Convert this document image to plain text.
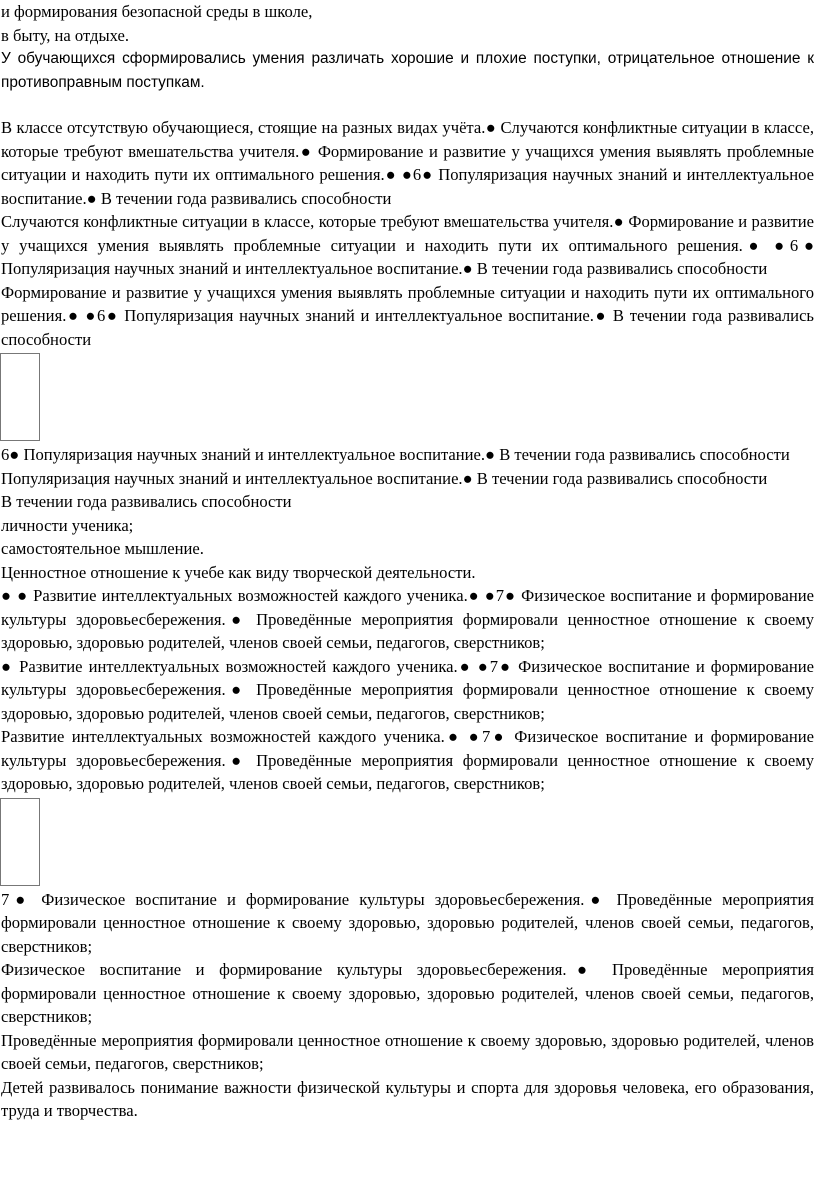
и формирования безопасной среды в школе,

в быту, на отдыхе.

У обучающихся сформировались умения различать хорошие и плохие поступки, отрицательное отношение к противоправным поступкам.

В классе отсутствую обучающиеся, стоящие на разных видах учёта.● Случаются конфликтные ситуации в классе, которые требуют вмешательства учителя.● Формирование и развитие у учащихся умения выявлять проблемные ситуации и находить пути их оптимального решения.● ●6● Популяризация научных знаний и интеллектуальное воспитание.● В течении года развивались способности

Случаются конфликтные ситуации в классе, которые требуют вмешательства учителя.● Формирование и развитие у учащихся умения выявлять проблемные ситуации и находить пути их оптимального решения.● ●6● Популяризация научных знаний и интеллектуальное воспитание.● В течении года развивались способности

Формирование и развитие у учащихся умения выявлять проблемные ситуации и находить пути их оптимального решения.● ●6● Популяризация научных знаний и интеллектуальное воспитание.● В течении года развивались способности

6● Популяризация научных знаний и интеллектуальное воспитание.● В течении года развивались способности

Популяризация научных знаний и интеллектуальное воспитание.● В течении года развивались способности

В течении года развивались способности

личности ученика;

самостоятельное мышление.

Ценностное отношение к учебе как виду творческой деятельности.

● ● Развитие интеллектуальных возможностей каждого ученика.● ●7● Физическое воспитание и формирование культуры здоровьесбережения.● Проведённые мероприятия формировали ценностное отношение к своему здоровью, здоровью родителей, членов своей семьи, педагогов, сверстников;

● Развитие интеллектуальных возможностей каждого ученика.● ●7● Физическое воспитание и формирование культуры здоровьесбережения.● Проведённые мероприятия формировали ценностное отношение к своему здоровью, здоровью родителей, членов своей семьи, педагогов, сверстников;

Развитие интеллектуальных возможностей каждого ученика.● ●7● Физическое воспитание и формирование культуры здоровьесбережения.● Проведённые мероприятия формировали ценностное отношение к своему здоровью, здоровью родителей, членов своей семьи, педагогов, сверстников;

7● Физическое воспитание и формирование культуры здоровьесбережения.● Проведённые мероприятия формировали ценностное отношение к своему здоровью, здоровью родителей, членов своей семьи, педагогов, сверстников;

Физическое воспитание и формирование культуры здоровьесбережения.● Проведённые мероприятия формировали ценностное отношение к своему здоровью, здоровью родителей, членов своей семьи, педагогов, сверстников;

Проведённые мероприятия формировали ценностное отношение к своему здоровью, здоровью родителей, членов своей семьи, педагогов, сверстников;

Детей развивалось понимание важности физической культуры и спорта для здоровья человека, его образования, труда и творчества.
